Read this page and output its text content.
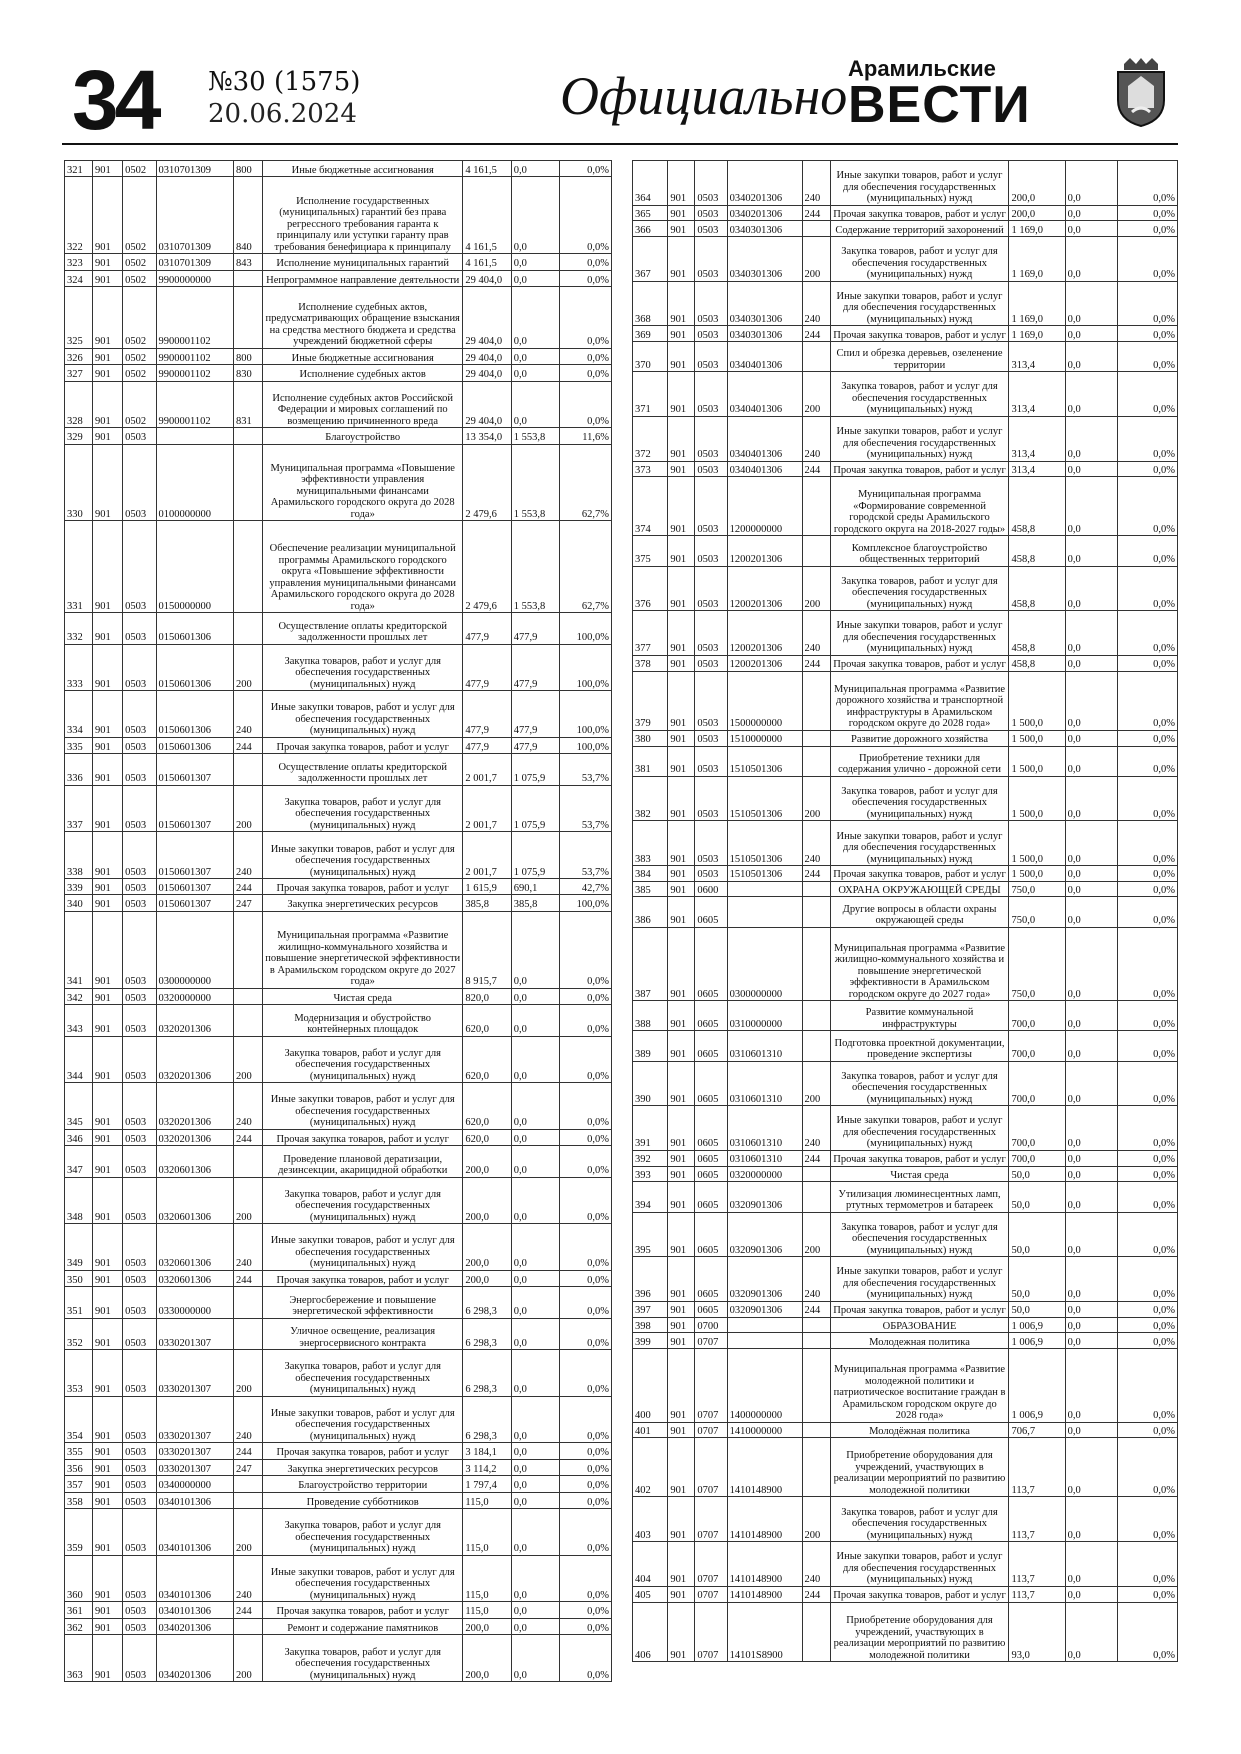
34 №30 (1575)
20.06.2024	Официально Арамильские
ВЕСТИ
321	901	0502	0310701309	800	Иные бюджетные ассигнования	4 161,5	0,0	0,0%
322	901	0502	0310701309	840	Исполнение государственных (муниципальных) гарантий без права регрессного требования гаранта к принципалу или уступки гаранту прав требования бенефициара к принципалу	4 161,5	0,0	0,0%
323	901	0502	0310701309	843	Исполнение муниципальных гарантий	4 161,5	0,0	0,0%
324	901	0502	9900000000		Непрограммное направление деятельности	29 404,0	0,0	0,0%
325	901	0502	9900001102		Исполнение судебных актов, предусматривающих обращение взыскания на средства местного бюджета и средства учреждений бюджетной сферы	29 404,0	0,0	0,0%
326	901	0502	9900001102	800	Иные бюджетные ассигнования	29 404,0	0,0	0,0%
327	901	0502	9900001102	830	Исполнение судебных актов	29 404,0	0,0	0,0%
328	901	0502	9900001102	831	Исполнение судебных актов Российской Федерации и мировых соглашений по возмещению причиненного вреда	29 404,0	0,0	0,0%
329	901	0503			Благоустройство	13 354,0	1 553,8	11,6%
330	901	0503	0100000000		Муниципальная программа «Повышение эффективности управления муниципальными финансами Арамильского городского округа до 2028 года»	2 479,6	1 553,8	62,7%
331	901	0503	0150000000		Обеспечение реализации муниципальной программы Арамильского городского округа «Повышение эффективности управления муниципальными финансами Арамильского городского округа до 2028 года»	2 479,6	1 553,8	62,7%
332	901	0503	0150601306		Осуществление оплаты кредиторской задолженности прошлых лет	477,9	477,9	100,0%
333	901	0503	0150601306	200	Закупка товаров, работ и услуг для обеспечения государственных (муниципальных) нужд	477,9	477,9	100,0%
334	901	0503	0150601306	240	Иные закупки товаров, работ и услуг для обеспечения государственных (муниципальных) нужд	477,9	477,9	100,0%
335	901	0503	0150601306	244	Прочая закупка товаров, работ и услуг	477,9	477,9	100,0%
336	901	0503	0150601307		Осуществление оплаты кредиторской задолженности прошлых лет	2 001,7	1 075,9	53,7%
337	901	0503	0150601307	200	Закупка товаров, работ и услуг для обеспечения государственных (муниципальных) нужд	2 001,7	1 075,9	53,7%
338	901	0503	0150601307	240	Иные закупки товаров, работ и услуг для обеспечения государственных (муниципальных) нужд	2 001,7	1 075,9	53,7%
339	901	0503	0150601307	244	Прочая закупка товаров, работ и услуг	1 615,9	690,1	42,7%
340	901	0503	0150601307	247	Закупка энергетических ресурсов	385,8	385,8	100,0%
341	901	0503	0300000000		Муниципальная программа «Развитие жилищно-коммунального хозяйства и повышение энергетической эффективности в Арамильском городском округе до 2027 года»	8 915,7	0,0	0,0%
342	901	0503	0320000000		Чистая среда	820,0	0,0	0,0%
343	901	0503	0320201306		Модернизация и обустройство контейнерных площадок	620,0	0,0	0,0%
344	901	0503	0320201306	200	Закупка товаров, работ и услуг для обеспечения государственных (муниципальных) нужд	620,0	0,0	0,0%
345	901	0503	0320201306	240	Иные закупки товаров, работ и услуг для обеспечения государственных (муниципальных) нужд	620,0	0,0	0,0%
346	901	0503	0320201306	244	Прочая закупка товаров, работ и услуг	620,0	0,0	0,0%
347	901	0503	0320601306		Проведение плановой дератизации, дезинсекции, акарицидной обработки	200,0	0,0	0,0%
348	901	0503	0320601306	200	Закупка товаров, работ и услуг для обеспечения государственных (муниципальных) нужд	200,0	0,0	0,0%
349	901	0503	0320601306	240	Иные закупки товаров, работ и услуг для обеспечения государственных (муниципальных) нужд	200,0	0,0	0,0%
350	901	0503	0320601306	244	Прочая закупка товаров, работ и услуг	200,0	0,0	0,0%
351	901	0503	0330000000		Энергосбережение и повышение энергетической эффективности	6 298,3	0,0	0,0%
352	901	0503	0330201307		Уличное освещение, реализация энергосервисного контракта	6 298,3	0,0	0,0%
353	901	0503	0330201307	200	Закупка товаров, работ и услуг для обеспечения государственных (муниципальных) нужд	6 298,3	0,0	0,0%
354	901	0503	0330201307	240	Иные закупки товаров, работ и услуг для обеспечения государственных (муниципальных) нужд	6 298,3	0,0	0,0%
355	901	0503	0330201307	244	Прочая закупка товаров, работ и услуг	3 184,1	0,0	0,0%
356	901	0503	0330201307	247	Закупка энергетических ресурсов	3 114,2	0,0	0,0%
357	901	0503	0340000000		Благоустройство территории	1 797,4	0,0	0,0%
358	901	0503	0340101306		Проведение субботников	115,0	0,0	0,0%
359	901	0503	0340101306	200	Закупка товаров, работ и услуг для обеспечения государственных (муниципальных) нужд	115,0	0,0	0,0%
360	901	0503	0340101306	240	Иные закупки товаров, работ и услуг для обеспечения государственных (муниципальных) нужд	115,0	0,0	0,0%
361	901	0503	0340101306	244	Прочая закупка товаров, работ и услуг	115,0	0,0	0,0%
362	901	0503	0340201306		Ремонт и содержание памятников	200,0	0,0	0,0%
363	901	0503	0340201306	200	Закупка товаров, работ и услуг для обеспечения государственных (муниципальных) нужд	200,0	0,0	0,0%
364	901	0503	0340201306	240	Иные закупки товаров, работ и услуг для обеспечения государственных (муниципальных) нужд	200,0	0,0	0,0%
365	901	0503	0340201306	244	Прочая закупка товаров, работ и услуг	200,0	0,0	0,0%
366	901	0503	0340301306		Содержание территорий захоронений	1 169,0	0,0	0,0%
367	901	0503	0340301306	200	Закупка товаров, работ и услуг для обеспечения государственных (муниципальных) нужд	1 169,0	0,0	0,0%
368	901	0503	0340301306	240	Иные закупки товаров, работ и услуг для обеспечения государственных (муниципальных) нужд	1 169,0	0,0	0,0%
369	901	0503	0340301306	244	Прочая закупка товаров, работ и услуг	1 169,0	0,0	0,0%
370	901	0503	0340401306		Спил и обрезка деревьев, озеленение территории	313,4	0,0	0,0%
371	901	0503	0340401306	200	Закупка товаров, работ и услуг для обеспечения государственных (муниципальных) нужд	313,4	0,0	0,0%
372	901	0503	0340401306	240	Иные закупки товаров, работ и услуг для обеспечения государственных (муниципальных) нужд	313,4	0,0	0,0%
373	901	0503	0340401306	244	Прочая закупка товаров, работ и услуг	313,4	0,0	0,0%
374	901	0503	1200000000		Муниципальная программа «Формирование современной городской среды Арамильского городского округа на 2018-2027 годы»	458,8	0,0	0,0%
375	901	0503	1200201306		Комплексное благоустройство общественных территорий	458,8	0,0	0,0%
376	901	0503	1200201306	200	Закупка товаров, работ и услуг для обеспечения государственных (муниципальных) нужд	458,8	0,0	0,0%
377	901	0503	1200201306	240	Иные закупки товаров, работ и услуг для обеспечения государственных (муниципальных) нужд	458,8	0,0	0,0%
378	901	0503	1200201306	244	Прочая закупка товаров, работ и услуг	458,8	0,0	0,0%
379	901	0503	1500000000		Муниципальная программа «Развитие дорожного хозяйства и транспортной инфраструктуры в Арамильском городском округе до 2028 года»	1 500,0	0,0	0,0%
380	901	0503	1510000000		Развитие дорожного хозяйства	1 500,0	0,0	0,0%
381	901	0503	1510501306		Приобретение техники для содержания улично - дорожной сети	1 500,0	0,0	0,0%
382	901	0503	1510501306	200	Закупка товаров, работ и услуг для обеспечения государственных (муниципальных) нужд	1 500,0	0,0	0,0%
383	901	0503	1510501306	240	Иные закупки товаров, работ и услуг для обеспечения государственных (муниципальных) нужд	1 500,0	0,0	0,0%
384	901	0503	1510501306	244	Прочая закупка товаров, работ и услуг	1 500,0	0,0	0,0%
385	901	0600			ОХРАНА ОКРУЖАЮЩЕЙ СРЕДЫ	750,0	0,0	0,0%
386	901	0605			Другие вопросы в области охраны окружающей среды	750,0	0,0	0,0%
387	901	0605	0300000000		Муниципальная программа «Развитие жилищно-коммунального хозяйства и повышение энергетической эффективности в Арамильском городском округе до 2027 года»	750,0	0,0	0,0%
388	901	0605	0310000000		Развитие коммунальной инфраструктуры	700,0	0,0	0,0%
389	901	0605	0310601310		Подготовка проектной документации, проведение экспертизы	700,0	0,0	0,0%
390	901	0605	0310601310	200	Закупка товаров, работ и услуг для обеспечения государственных (муниципальных) нужд	700,0	0,0	0,0%
391	901	0605	0310601310	240	Иные закупки товаров, работ и услуг для обеспечения государственных (муниципальных) нужд	700,0	0,0	0,0%
392	901	0605	0310601310	244	Прочая закупка товаров, работ и услуг	700,0	0,0	0,0%
393	901	0605	0320000000		Чистая среда	50,0	0,0	0,0%
394	901	0605	0320901306		Утилизация люминесцентных ламп, ртутных термометров и батареек	50,0	0,0	0,0%
395	901	0605	0320901306	200	Закупка товаров, работ и услуг для обеспечения государственных (муниципальных) нужд	50,0	0,0	0,0%
396	901	0605	0320901306	240	Иные закупки товаров, работ и услуг для обеспечения государственных (муниципальных) нужд	50,0	0,0	0,0%
397	901	0605	0320901306	244	Прочая закупка товаров, работ и услуг	50,0	0,0	0,0%
398	901	0700			ОБРАЗОВАНИЕ	1 006,9	0,0	0,0%
399	901	0707			Молодежная политика	1 006,9	0,0	0,0%
400	901	0707	1400000000		Муниципальная программа «Развитие молодежной политики и патриотическое воспитание граждан в Арамильском городском округе до 2028 года»	1 006,9	0,0	0,0%
401	901	0707	1410000000		Молодёжная политика	706,7	0,0	0,0%
402	901	0707	1410148900		Приобретение оборудования для учреждений, участвующих в реализации мероприятий по развитию молодежной политики	113,7	0,0	0,0%
403	901	0707	1410148900	200	Закупка товаров, работ и услуг для обеспечения государственных (муниципальных) нужд	113,7	0,0	0,0%
404	901	0707	1410148900	240	Иные закупки товаров, работ и услуг для обеспечения государственных (муниципальных) нужд	113,7	0,0	0,0%
405	901	0707	1410148900	244	Прочая закупка товаров, работ и услуг	113,7	0,0	0,0%
406	901	0707	14101S8900		Приобретение оборудования для учреждений, участвующих в реализации мероприятий по развитию молодежной политики	93,0	0,0	0,0%
